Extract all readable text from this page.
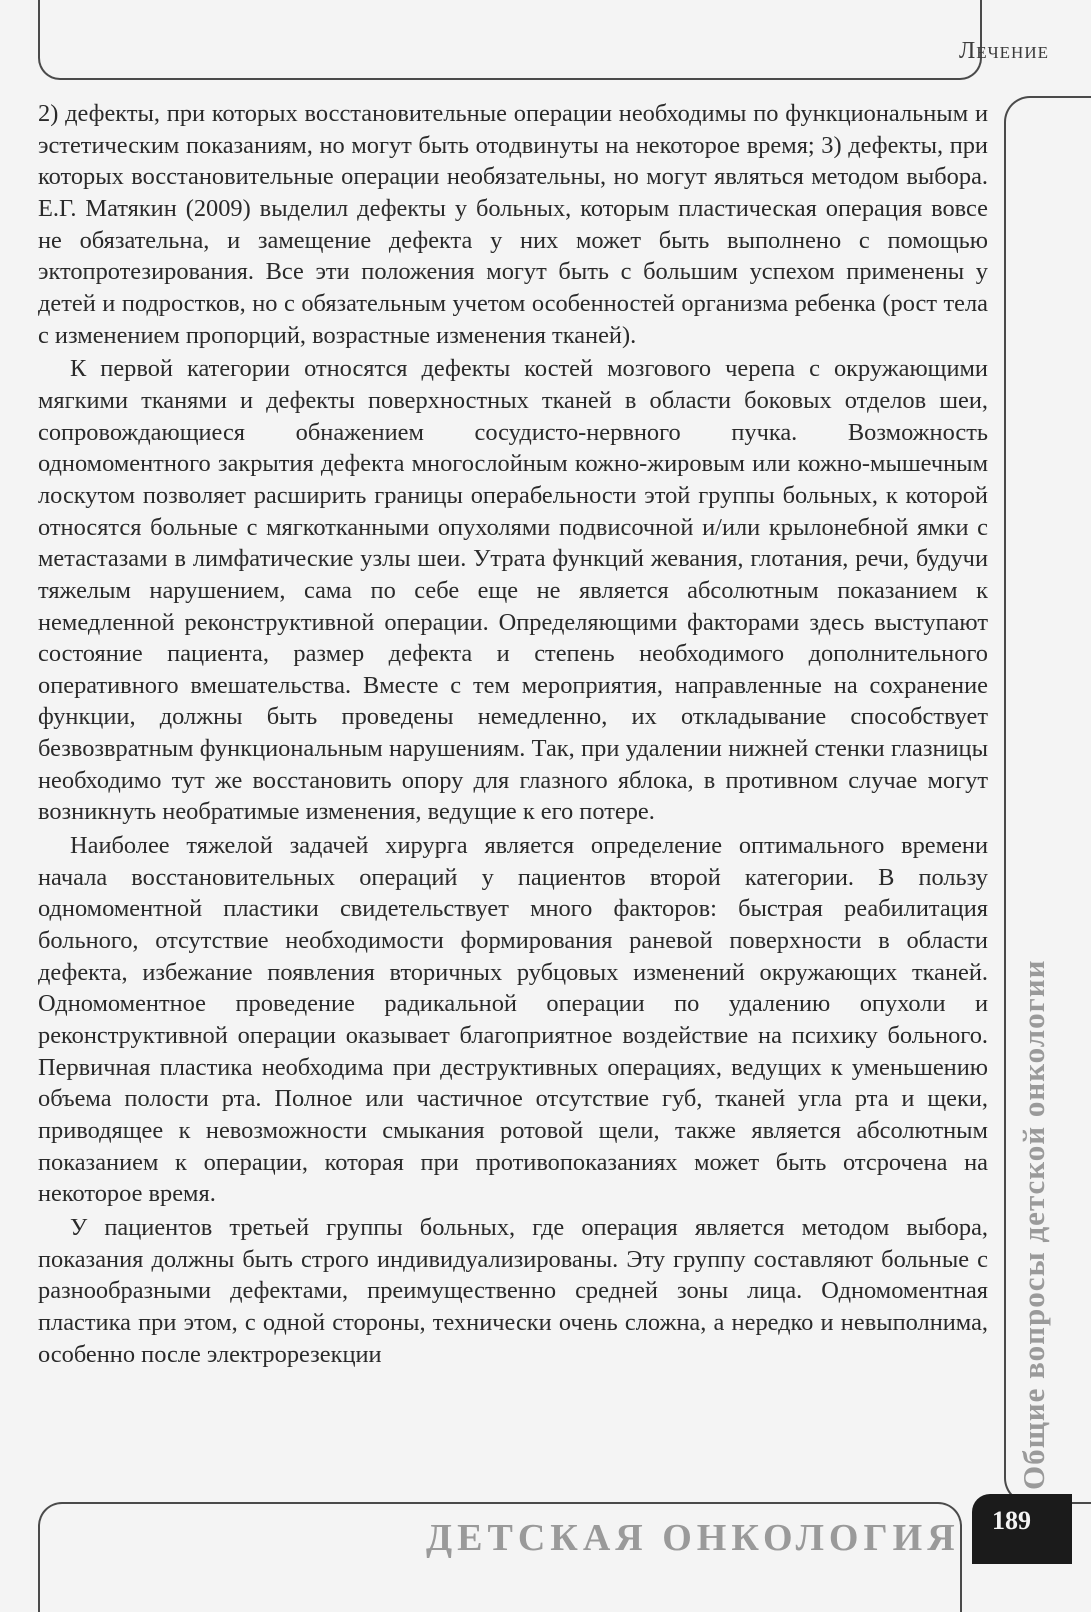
Лечение
Общие вопросы детской онкологии

2) дефекты, при которых восстановительные операции необходимы по функциональным и эстетическим показаниям, но могут быть отодвинуты на некоторое время; 3) дефекты, при которых восстановительные операции необязательны, но могут являться методом выбора. Е.Г. Матякин (2009) выделил дефекты у больных, которым пластическая операция вовсе не обязательна, и замещение дефекта у них может быть выполнено с помощью эктопротезирования. Все эти положения могут быть с большим успехом применены у детей и подростков, но с обязательным учетом особенностей организма ребенка (рост тела с изменением пропорций, возрастные изменения тканей).

К первой категории относятся дефекты костей мозгового черепа с окружающими мягкими тканями и дефекты поверхностных тканей в области боковых отделов шеи, сопровождающиеся обнажением сосудисто-нервного пучка. Возможность одномоментного закрытия дефекта многослойным кожно-жировым или кожно-мышечным лоскутом позволяет расширить границы операбельности этой группы больных, к которой относятся больные с мягкотканными опухолями подвисочной и/или крылонебной ямки с метастазами в лимфатические узлы шеи. Утрата функций жевания, глотания, речи, будучи тяжелым нарушением, сама по себе еще не является абсолютным показанием к немедленной реконструктивной операции. Определяющими факторами здесь выступают состояние пациента, размер дефекта и степень необходимого дополнительного оперативного вмешательства. Вместе с тем мероприятия, направленные на сохранение функции, должны быть проведены немедленно, их откладывание способствует безвозвратным функциональным нарушениям. Так, при удалении нижней стенки глазницы необходимо тут же восстановить опору для глазного яблока, в противном случае могут возникнуть необратимые изменения, ведущие к его потере.

Наиболее тяжелой задачей хирурга является определение оптимального времени начала восстановительных операций у пациентов второй категории. В пользу одномоментной пластики свидетельствует много факторов: быстрая реабилитация больного, отсутствие необходимости формирования раневой поверхности в области дефекта, избежание появления вторичных рубцовых изменений окружающих тканей. Одномоментное проведение радикальной операции по удалению опухоли и реконструктивной операции оказывает благоприятное воздействие на психику больного. Первичная пластика необходима при деструктивных операциях, ведущих к уменьшению объема полости рта. Полное или частичное отсутствие губ, тканей угла рта и щеки, приводящее к невозможности смыкания ротовой щели, также является абсолютным показанием к операции, которая при противопоказаниях может быть отсрочена на некоторое время.

У пациентов третьей группы больных, где операция является методом выбора, показания должны быть строго индивидуализированы. Эту группу составляют больные с разнообразными дефектами, преимущественно средней зоны лица. Одномоментная пластика при этом, с одной стороны, технически очень сложна, а нередко и невыполнима, особенно после электрорезекции

ДЕТСКАЯ ОНКОЛОГИЯ 189
